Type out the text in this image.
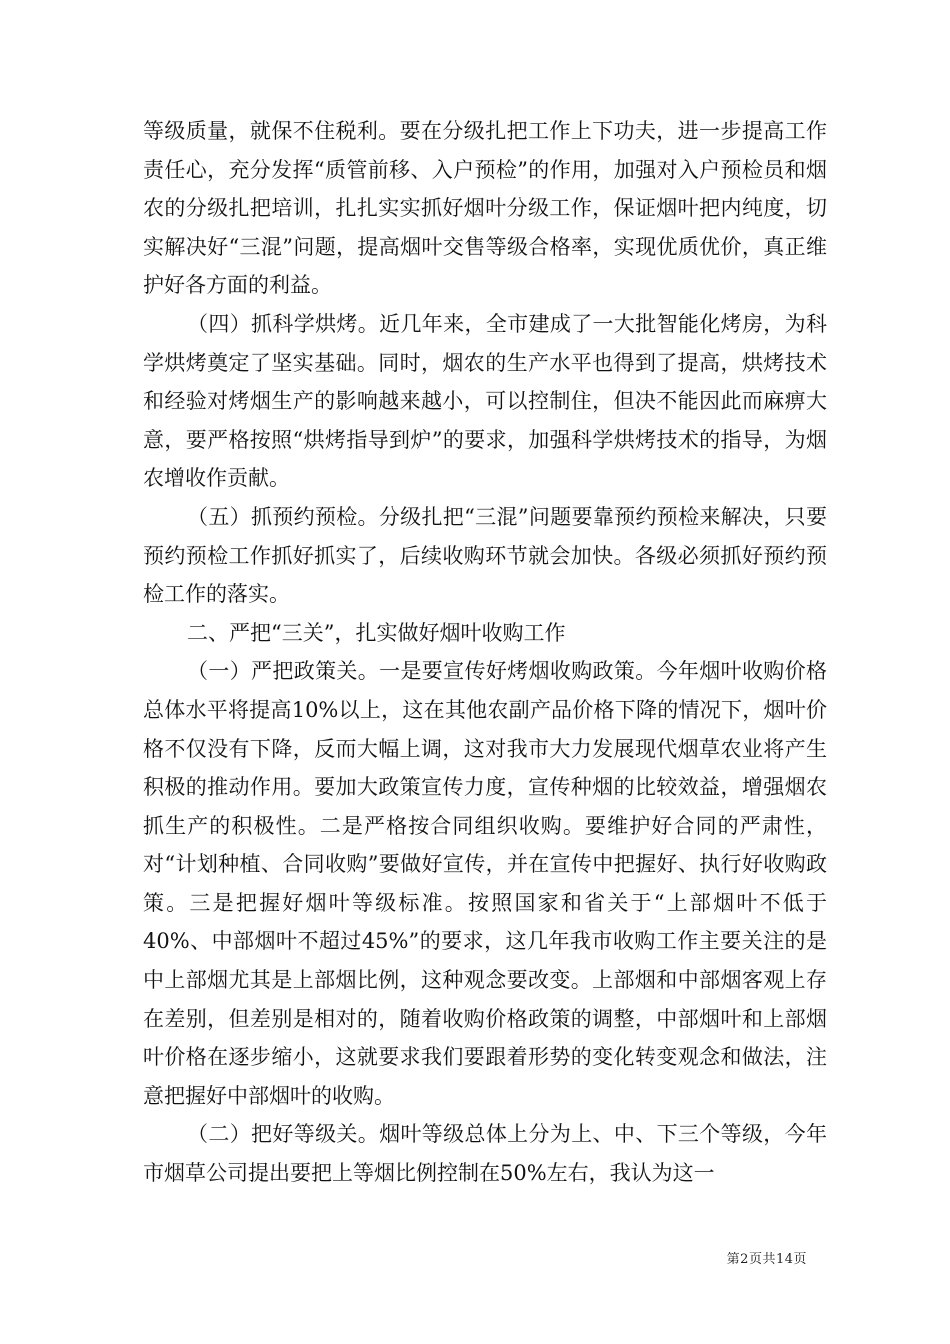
等级质量，就保不住税利。要在分级扎把工作上下功夫，进一步提高工作责任心，充分发挥“质管前移、入户预检”的作用，加强对入户预检员和烟农的分级扎把培训，扎扎实实抓好烟叶分级工作，保证烟叶把内纯度，切实解决好“三混”问题，提高烟叶交售等级合格率，实现优质优价，真正维护好各方面的利益。

（四）抓科学烘烤。近几年来，全市建成了一大批智能化烤房，为科学烘烤奠定了坚实基础。同时，烟农的生产水平也得到了提高，烘烤技术和经验对烤烟生产的影响越来越小，可以控制住，但决不能因此而麻痹大意，要严格按照“烘烤指导到炉”的要求，加强科学烘烤技术的指导，为烟农增收作贡献。

（五）抓预约预检。分级扎把“三混”问题要靠预约预检来解决，只要预约预检工作抓好抓实了，后续收购环节就会加快。各级必须抓好预约预检工作的落实。

二、严把“三关”，扎实做好烟叶收购工作

（一）严把政策关。一是要宣传好烤烟收购政策。今年烟叶收购价格总体水平将提高10%以上，这在其他农副产品价格下降的情况下，烟叶价格不仅没有下降，反而大幅上调，这对我市大力发展现代烟草农业将产生积极的推动作用。要加大政策宣传力度，宣传种烟的比较效益，增强烟农抓生产的积极性。二是严格按合同组织收购。要维护好合同的严肃性，对“计划种植、合同收购”要做好宣传，并在宣传中把握好、执行好收购政策。三是把握好烟叶等级标准。按照国家和省关于“上部烟叶不低于40%、中部烟叶不超过45%”的要求，这几年我市收购工作主要关注的是中上部烟尤其是上部烟比例，这种观念要改变。上部烟和中部烟客观上存在差别，但差别是相对的，随着收购价格政策的调整，中部烟叶和上部烟叶价格在逐步缩小，这就要求我们要跟着形势的变化转变观念和做法，注意把握好中部烟叶的收购。

（二）把好等级关。烟叶等级总体上分为上、中、下三个等级，今年市烟草公司提出要把上等烟比例控制在50%左右，我认为这一

第2页共14页
